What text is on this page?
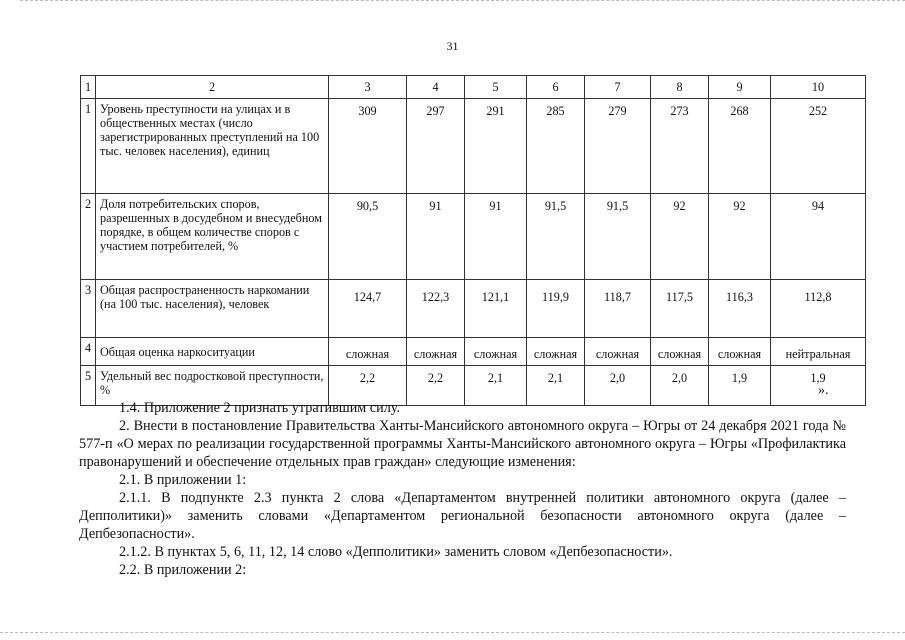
31
1	2	3	4	5	6	7	8	9	10
1	Уровень преступности на улицах и в общественных местах (число зарегистрированных преступлений на 100 тыс. человек населения), единиц	309	297	291	285	279	273	268	252
2	Доля потребительских споров, разрешенных в досудебном и внесудебном порядке, в общем количестве споров с участием потребителей, %	90,5	91	91	91,5	91,5	92	92	94
3	Общая распространенность наркомании (на 100 тыс. населения), человек	124,7	122,3	121,1	119,9	118,7	117,5	116,3	112,8
4	Общая оценка наркоситуации	сложная	сложная	сложная	сложная	сложная	сложная	сложная	нейтральная
5	Удельный вес подростковой преступности, %	2,2	2,2	2,1	2,1	2,0	2,0	1,9	1,9
».

1.4. Приложение 2 признать утратившим силу.

2. Внести в постановление Правительства Ханты-Мансийского автономного округа – Югры от 24 декабря 2021 года № 577-п «О мерах по реализации государственной программы Ханты-Мансийского автономного округа – Югры «Профилактика правонарушений и обеспечение отдельных прав граждан» следующие изменения:

2.1. В приложении 1:

2.1.1. В подпункте 2.3 пункта 2 слова «Департаментом внутренней политики автономного округа (далее – Депполитики)» заменить словами «Департаментом региональной безопасности автономного округа (далее – Депбезопасности».

2.1.2. В пунктах 5, 6, 11, 12, 14 слово «Депполитики» заменить словом «Депбезопасности».

2.2. В приложении 2:
